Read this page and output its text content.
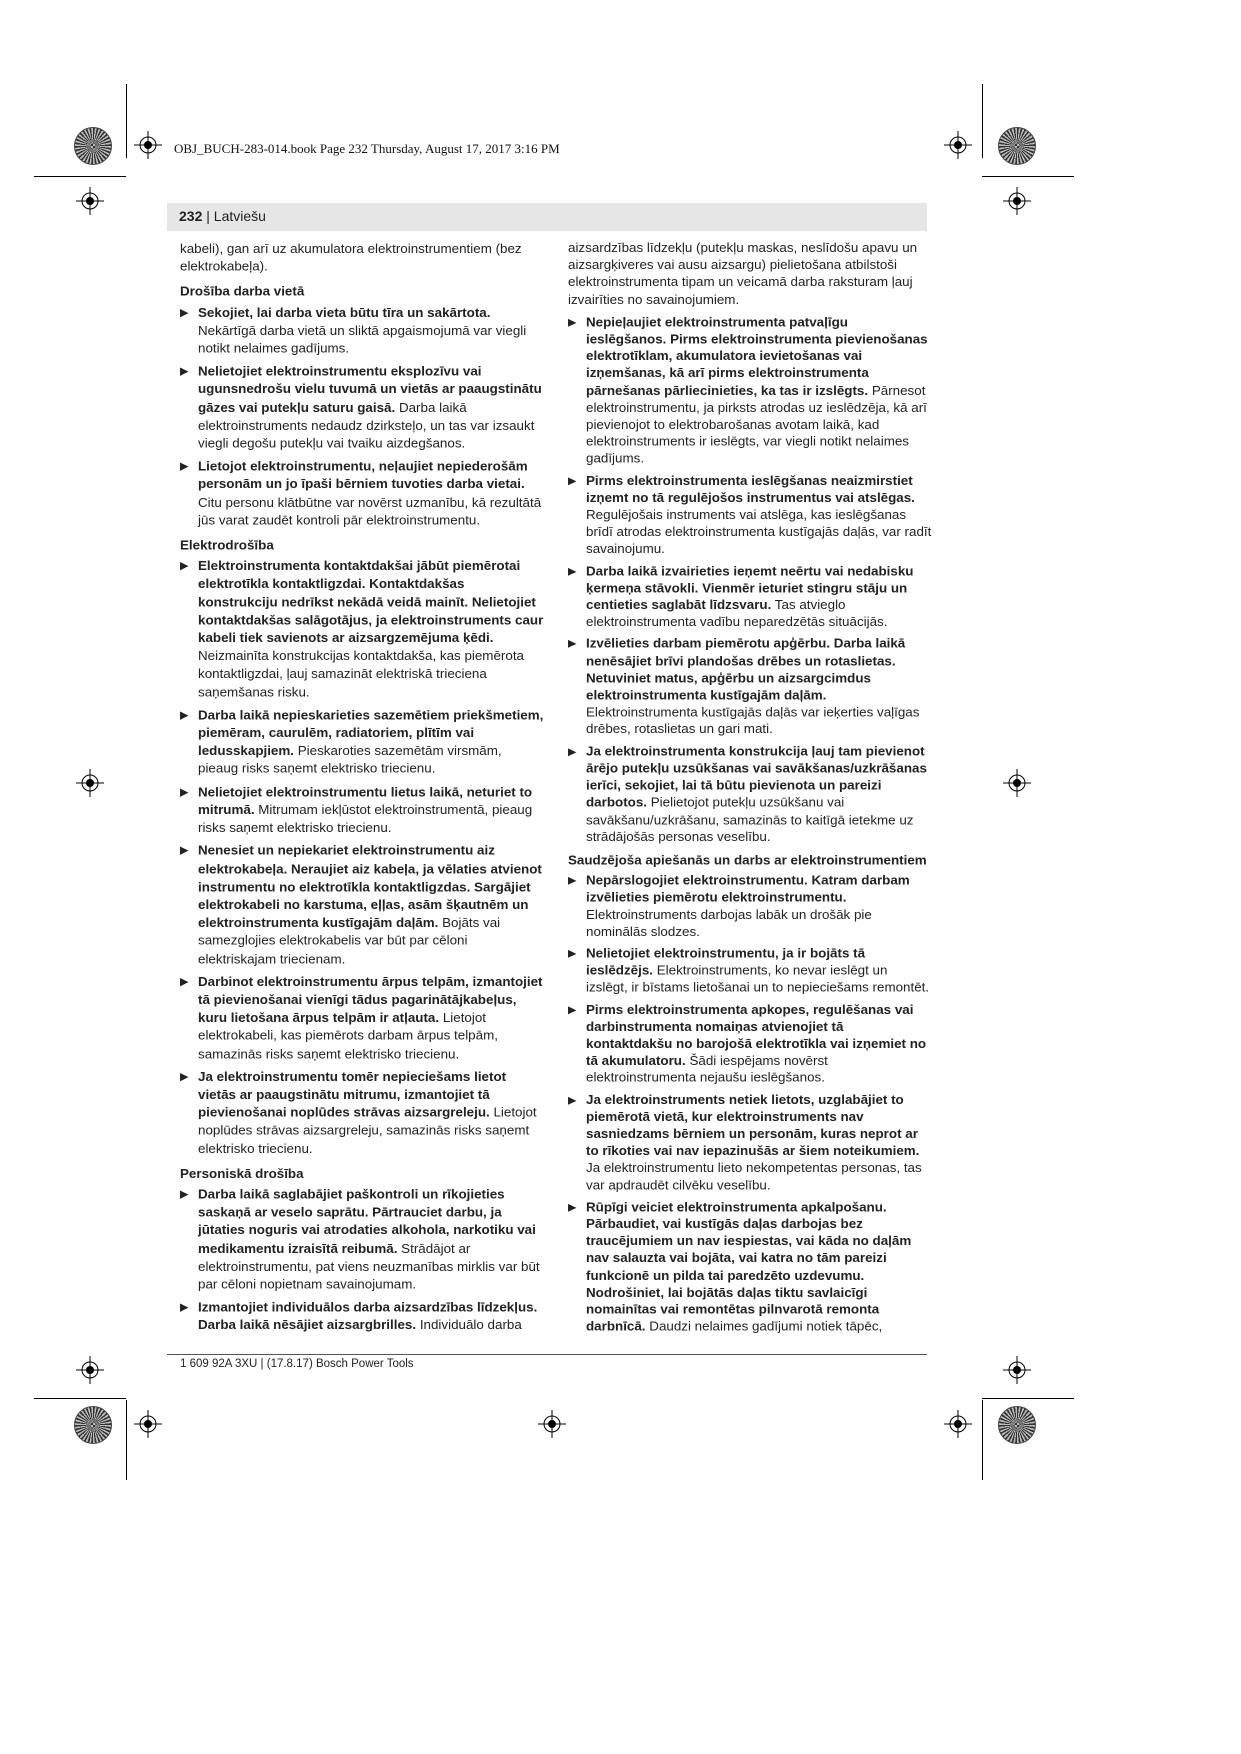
OBJ_BUCH-283-014.book Page 232 Thursday, August 17, 2017 3:16 PM
232 | Latviešu

kabeli), gan arī uz akumulatora elektroinstrumentiem (bez elektrokabeļa).

Drošība darba vietā

▶ Sekojiet, lai darba vieta būtu tīra un sakārtota. Nekārtīgā darba vietā un sliktā apgaismojumā var viegli notikt nelaimes gadījums.

▶ Nelietojiet elektroinstrumentu eksplozīvu vai ugunsnedrošu vielu tuvumā un vietās ar paaugstinātu gāzes vai putekļu saturu gaisā. Darba laikā elektroinstruments nedaudz dzirksteļo, un tas var izsaukt viegli degošu putekļu vai tvaiku aizdegšanos.

▶ Lietojot elektroinstrumentu, neļaujiet nepiederošām personām un jo īpaši bērniem tuvoties darba vietai. Citu personu klātbūtne var novērst uzmanību, kā rezultātā jūs varat zaudēt kontroli pār elektroinstrumentu.

Elektrodrošība

▶ Elektroinstrumenta kontaktdakšai jābūt piemērotai elektrotīkla kontaktligzdai. Kontaktdakšas konstrukciju nedrīkst nekādā veidā mainīt. Nelietojiet kontaktdakšas salāgotājus, ja elektroinstruments caur kabeli tiek savienots ar aizsargzemējuma ķēdi. Neizmainīta konstrukcijas kontaktdakša, kas piemērota kontaktligzdai, ļauj samazināt elektriskā trieciena saņemšanas risku.

▶ Darba laikā nepieskarieties sazemētiem priekšmetiem, piemēram, caurulēm, radiatoriem, plītīm vai ledusskapjiem. Pieskaroties sazemētām virsmām, pieaug risks saņemt elektrisko triecienu.

▶ Nelietojiet elektroinstrumentu lietus laikā, neturiet to mitrumā. Mitrumam iekļūstot elektroinstrumentā, pieaug risks saņemt elektrisko triecienu.

▶ Nenesiet un nepiekariet elektroinstrumentu aiz elektrokabeļa. Neraujiet aiz kabeļa, ja vēlaties atvienot instrumentu no elektrotīkla kontaktligzdas. Sargājiet elektrokabeli no karstuma, eļļas, asām šķautnēm un elektroinstrumenta kustīgajām daļām. Bojāts vai samezglojies elektrokabelis var būt par cēloni elektriskajam triecienam.

▶ Darbinot elektroinstrumentu ārpus telpām, izmantojiet tā pievienošanai vienīgi tādus pagarinātājkabeļus, kuru lietošana ārpus telpām ir atļauta. Lietojot elektrokabeli, kas piemērots darbam ārpus telpām, samazinās risks saņemt elektrisko triecienu.

▶ Ja elektroinstrumentu tomēr nepieciešams lietot vietās ar paaugstinātu mitrumu, izmantojiet tā pievienošanai noplūdes strāvas aizsargreleju. Lietojot noplūdes strāvas aizsargreleju, samazinās risks saņemt elektrisko triecienu.

Personiskā drošība

▶ Darba laikā saglabājiet paškontroli un rīkojieties saskaņā ar veselo saprātu. Pārtrauciet darbu, ja jūtaties noguris vai atrodaties alkohola, narkotiku vai medikamentu izraisītā reibumā. Strādājot ar elektroinstrumentu, pat viens neuzmanības mirklis var būt par cēloni nopietnam savainojumam.

▶ Izmantojiet individuālos darba aizsardzības līdzekļus. Darba laikā nēsājiet aizsargbrilles. Individuālo darba

aizsardzības līdzekļu (putekļu maskas, neslīdošu apavu un aizsargķiveres vai ausu aizsargu) pielietošana atbilstoši elektroinstrumenta tipam un veicamā darba raksturam ļauj izvairīties no savainojumiem.

▶ Nepieļaujiet elektroinstrumenta patvaļīgu ieslēgšanos. Pirms elektroinstrumenta pievienošanas elektrotīklam, akumulatora ievietošanas vai izņemšanas, kā arī pirms elektroinstrumenta pārnešanas pārliecinieties, ka tas ir izslēgts. Pārnesot elektroinstrumentu, ja pirksts atrodas uz ieslēdzēja, kā arī pievienojot to elektrobarošanas avotam laikā, kad elektroinstruments ir ieslēgts, var viegli notikt nelaimes gadījums.

▶ Pirms elektroinstrumenta ieslēgšanas neaizmirstiet izņemt no tā regulējošos instrumentus vai atslēgas. Regulējošais instruments vai atslēga, kas ieslēgšanas brīdī atrodas elektroinstrumenta kustīgajās daļās, var radīt savainojumu.

▶ Darba laikā izvairieties ieņemt neērtu vai nedabisku ķermeņa stāvokli. Vienmēr ieturiet stingru stāju un centieties saglabāt līdzsvaru. Tas atvieglo elektroinstrumenta vadību neparedzētās situācijās.

▶ Izvēlieties darbam piemērotu apģērbu. Darba laikā nenēsājiet brīvi plandošas drēbes un rotaslietas. Netuviniet matus, apģērbu un aizsargcimdus elektroinstrumenta kustīgajām daļām. Elektroinstrumenta kustīgajās daļās var ieķerties vaļīgas drēbes, rotaslietas un gari mati.

▶ Ja elektroinstrumenta konstrukcija ļauj tam pievienot ārējo putekļu uzsūkšanas vai savākšanas/uzkrāšanas ierīci, sekojiet, lai tā būtu pievienota un pareizi darbotos. Pielietojot putekļu uzsūkšanu vai savākšanu/uzkrāšanu, samazinās to kaitīgā ietekme uz strādājošās personas veselību.

Saudzējoša apiešanās un darbs ar elektroinstrumentiem

▶ Nepārslogojiet elektroinstrumentu. Katram darbam izvēlieties piemērotu elektroinstrumentu. Elektroinstruments darbojas labāk un drošāk pie nominālās slodzes.

▶ Nelietojiet elektroinstrumentu, ja ir bojāts tā ieslēdzējs. Elektroinstruments, ko nevar ieslēgt un izslēgt, ir bīstams lietošanai un to nepieciešams remontēt.

▶ Pirms elektroinstrumenta apkopes, regulēšanas vai darbinstrumenta nomaiņas atvienojiet tā kontaktdakšu no barojošā elektrotīkla vai izņemiet no tā akumulatoru. Šādi iespējams novērst elektroinstrumenta nejaušu ieslēgšanos.

▶ Ja elektroinstruments netiek lietots, uzglabājiet to piemērotā vietā, kur elektroinstruments nav sasniedzams bērniem un personām, kuras neprot ar to rīkoties vai nav iepazinušās ar šiem noteikumiem. Ja elektroinstrumentu lieto nekompetentas personas, tas var apdraudēt cilvēku veselību.

▶ Rūpīgi veiciet elektroinstrumenta apkalpošanu. Pārbaudiet, vai kustīgās daļas darbojas bez traucējumiem un nav iespiestas, vai kāda no daļām nav salauzta vai bojāta, vai katra no tām pareizi funkcionē un pilda tai paredzēto uzdevumu. Nodrošiniet, lai bojātās daļas tiktu savlaicīgi nomainītas vai remontētas pilnvarotā remonta darbnīcā. Daudzi nelaimes gadījumi notiek tāpēc,

1 609 92A 3XU | (17.8.17) Bosch Power Tools
